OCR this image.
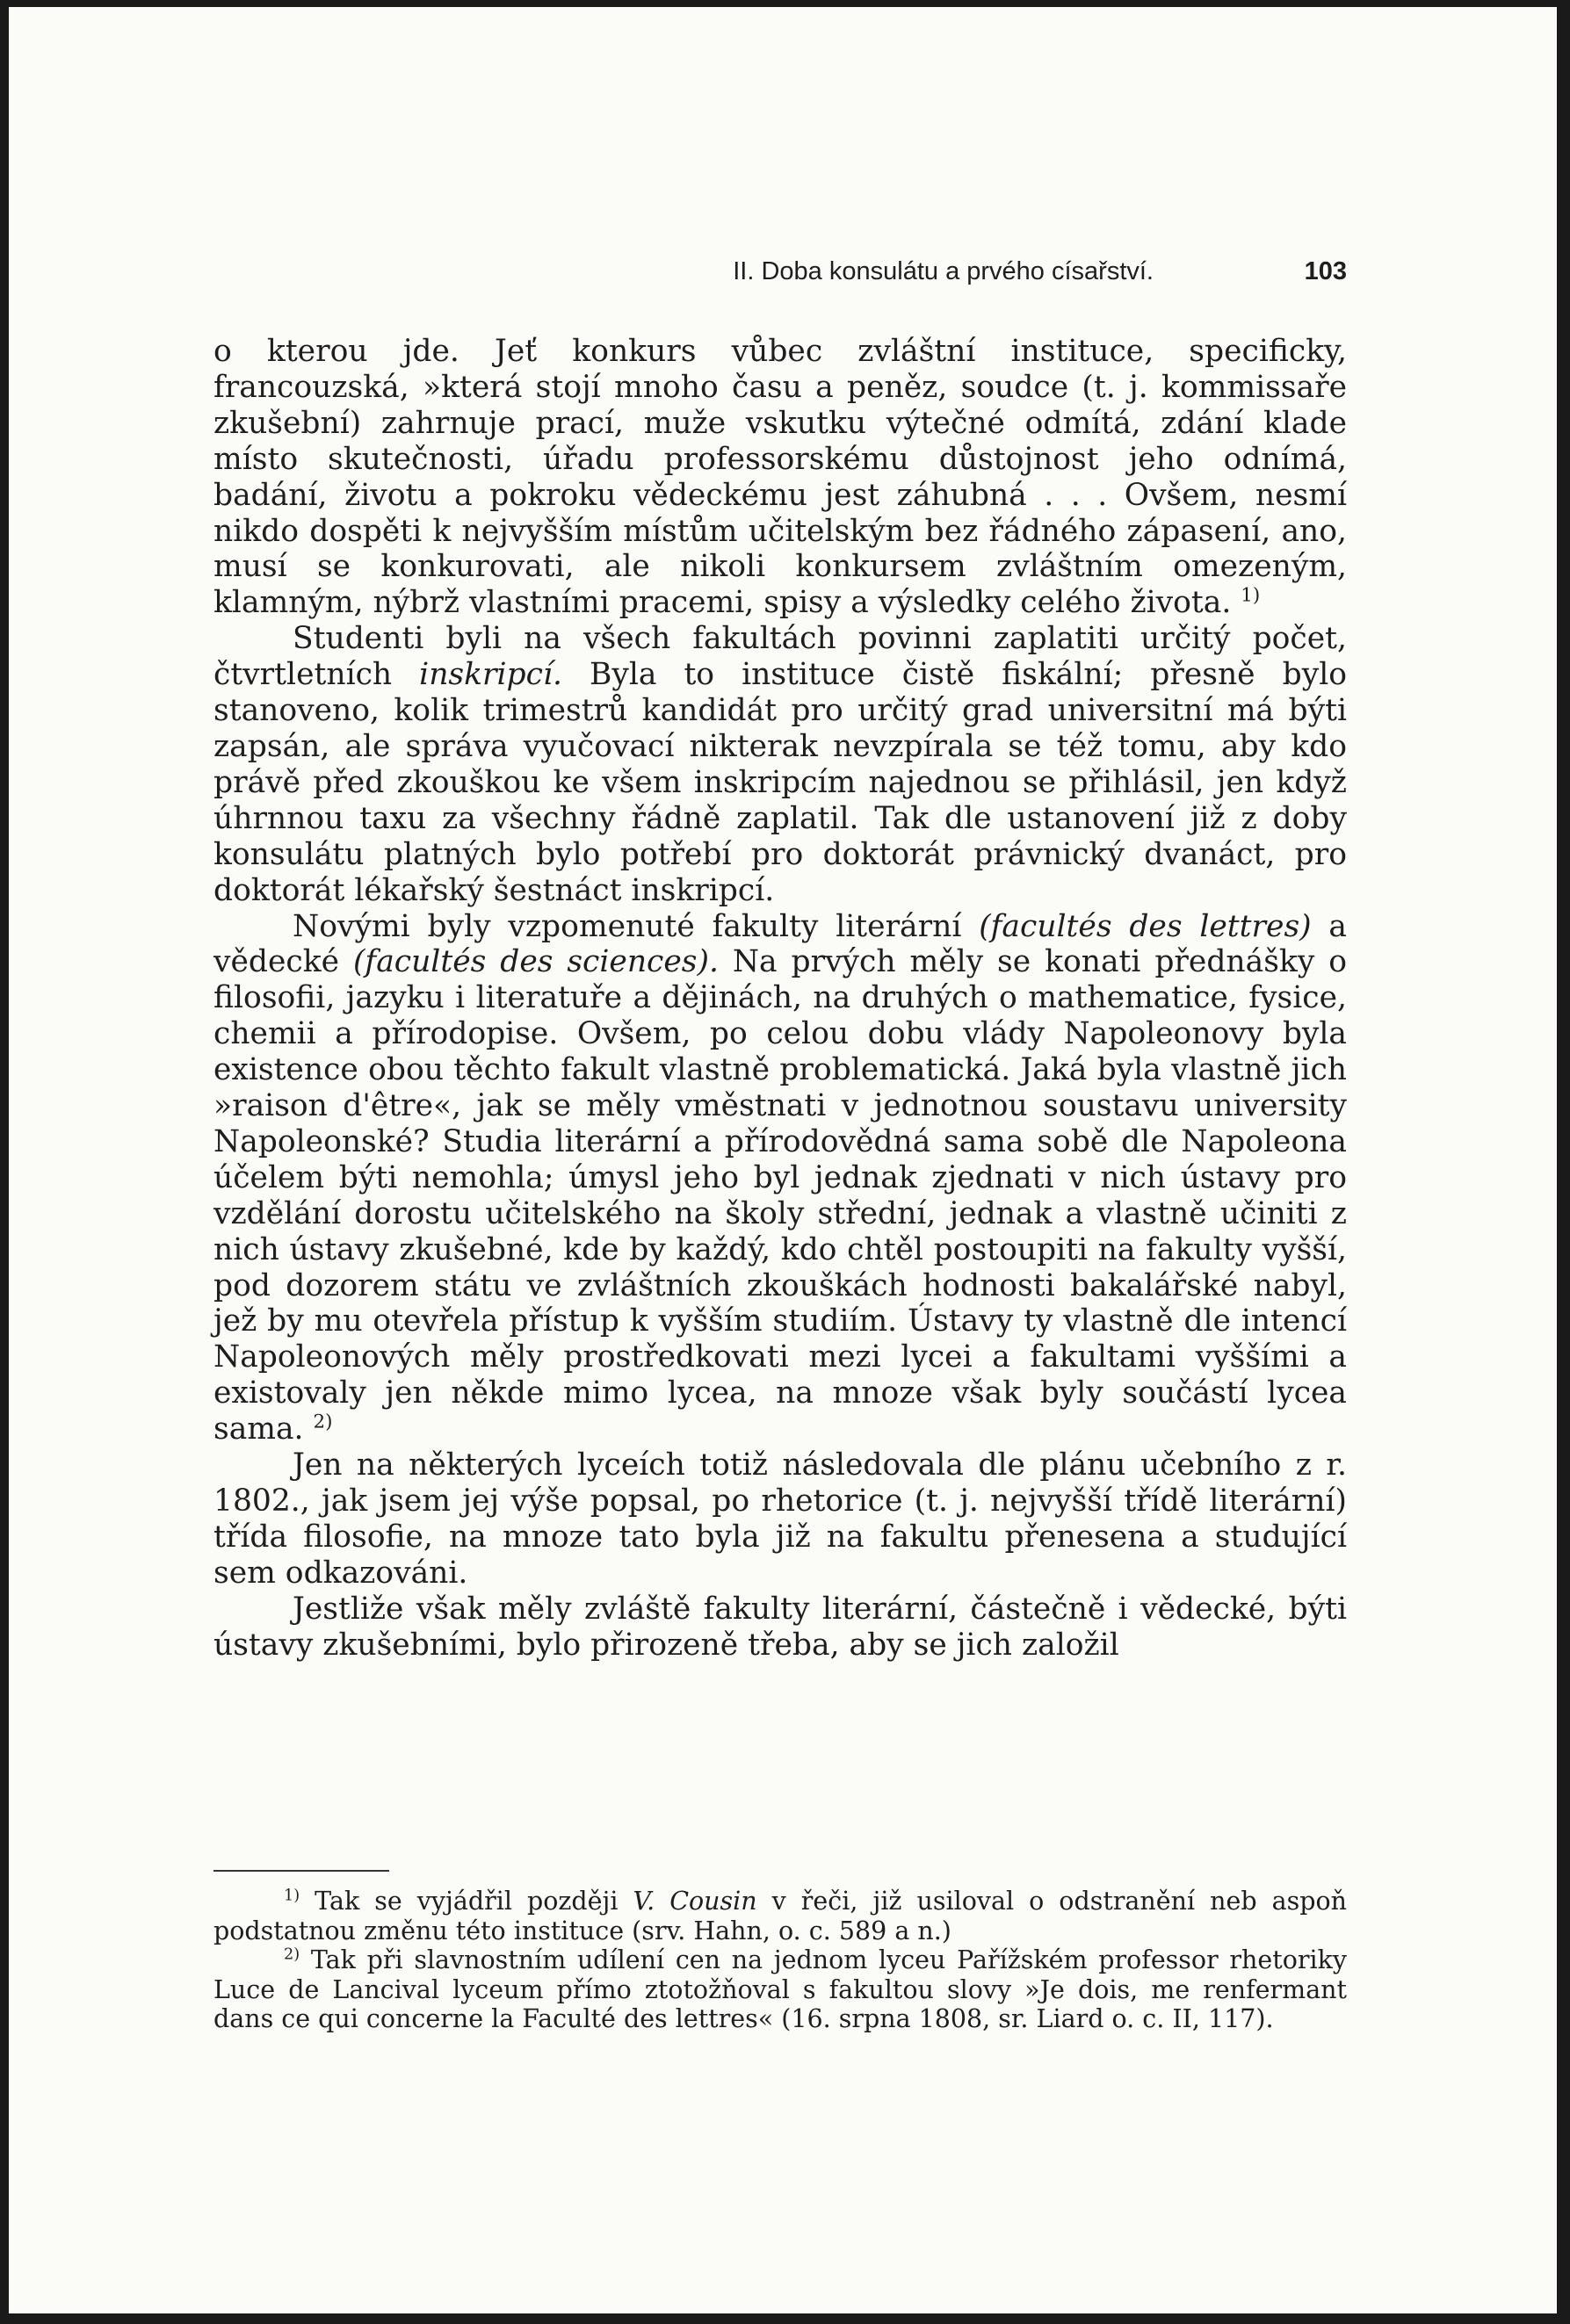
II. Doba konsulátu a prvého císařství.	103

o kterou jde. Jeť konkurs vůbec zvláštní instituce, specificky, francouzská, »která stojí mnoho času a peněz, soudce (t. j. kommissaře zkušební) zahrnuje prací, muže vskutku výtečné odmítá, zdání klade místo skutečnosti, úřadu professorskému důstojnost jeho odnímá, badání, životu a pokroku vědeckému jest záhubná . . . Ovšem, nesmí nikdo dospěti k nejvyšším místům učitelským bez řádného zápasení, ano, musí se konkurovati, ale nikoli konkursem zvláštním omezeným, klamným, nýbrž vlastními pracemi, spisy a výsledky celého života. $^{1)}$

Studenti byli na všech fakultách povinni zaplatiti určitý počet, čtvrtletních inskripcí. Byla to instituce čistě fiskální; přesně bylo stanoveno, kolik trimestrů kandidát pro určitý grad universitní má býti zapsán, ale správa vyučovací nikterak nevzpírala se též tomu, aby kdo právě před zkouškou ke všem inskripcím najednou se přihlásil, jen když úhrnnou taxu za všechny řádně zaplatil. Tak dle ustanovení již z doby konsulátu platných bylo potřebí pro doktorát právnický dvanáct, pro doktorát lékařský šestnáct inskripcí.

Novými byly vzpomenuté fakulty literární (facultés des lettres) a vědecké (facultés des sciences). Na prvých měly se konati přednášky o filosofii, jazyku i literatuře a dějinách, na druhých o mathematice, fysice, chemii a přírodopise. Ovšem, po celou dobu vlády Napoleonovy byla existence obou těchto fakult vlastně problematická. Jaká byla vlastně jich »raison d'être«, jak se měly vměstnati v jednotnou soustavu university Napoleonské? Studia literární a přírodovědná sama sobě dle Napoleona účelem býti nemohla; úmysl jeho byl jednak zjednati v nich ústavy pro vzdělání dorostu učitelského na školy střední, jednak a vlastně učiniti z nich ústavy zkušebné, kde by každý, kdo chtěl postoupiti na fakulty vyšší, pod dozorem státu ve zvláštních zkouškách hodnosti bakalářské nabyl, jež by mu otevřela přístup k vyšším studiím. Ústavy ty vlastně dle intencí Napoleonových měly prostředkovati mezi lycei a fakultami vyššími a existovaly jen někde mimo lycea, na mnoze však byly součástí lycea sama. $^{2)}$

Jen na některých lyceích totiž následovala dle plánu učebního z r. 1802., jak jsem jej výše popsal, po rhetorice (t. j. nejvyšší třídě literární) třída filosofie, na mnoze tato byla již na fakultu přenesena a studující sem odkazováni.

Jestliže však měly zvláště fakulty literární, částečně i vědecké, býti ústavy zkušebními, bylo přirozeně třeba, aby se jich založil

$^{1)}$ Tak se vyjádřil později V. Cousin v řeči, již usiloval o odstranění neb aspoň podstatnou změnu této instituce (srv. Hahn, o. c. 589 a n.)

$^{2)}$ Tak při slavnostním udílení cen na jednom lyceu Pařížském professor rhetoriky Luce de Lancival lyceum přímo ztotožňoval s fakultou slovy »Je dois, me renfermant dans ce qui concerne la Faculté des lettres« (16. srpna 1808, sr. Liard o. c. II, 117).
